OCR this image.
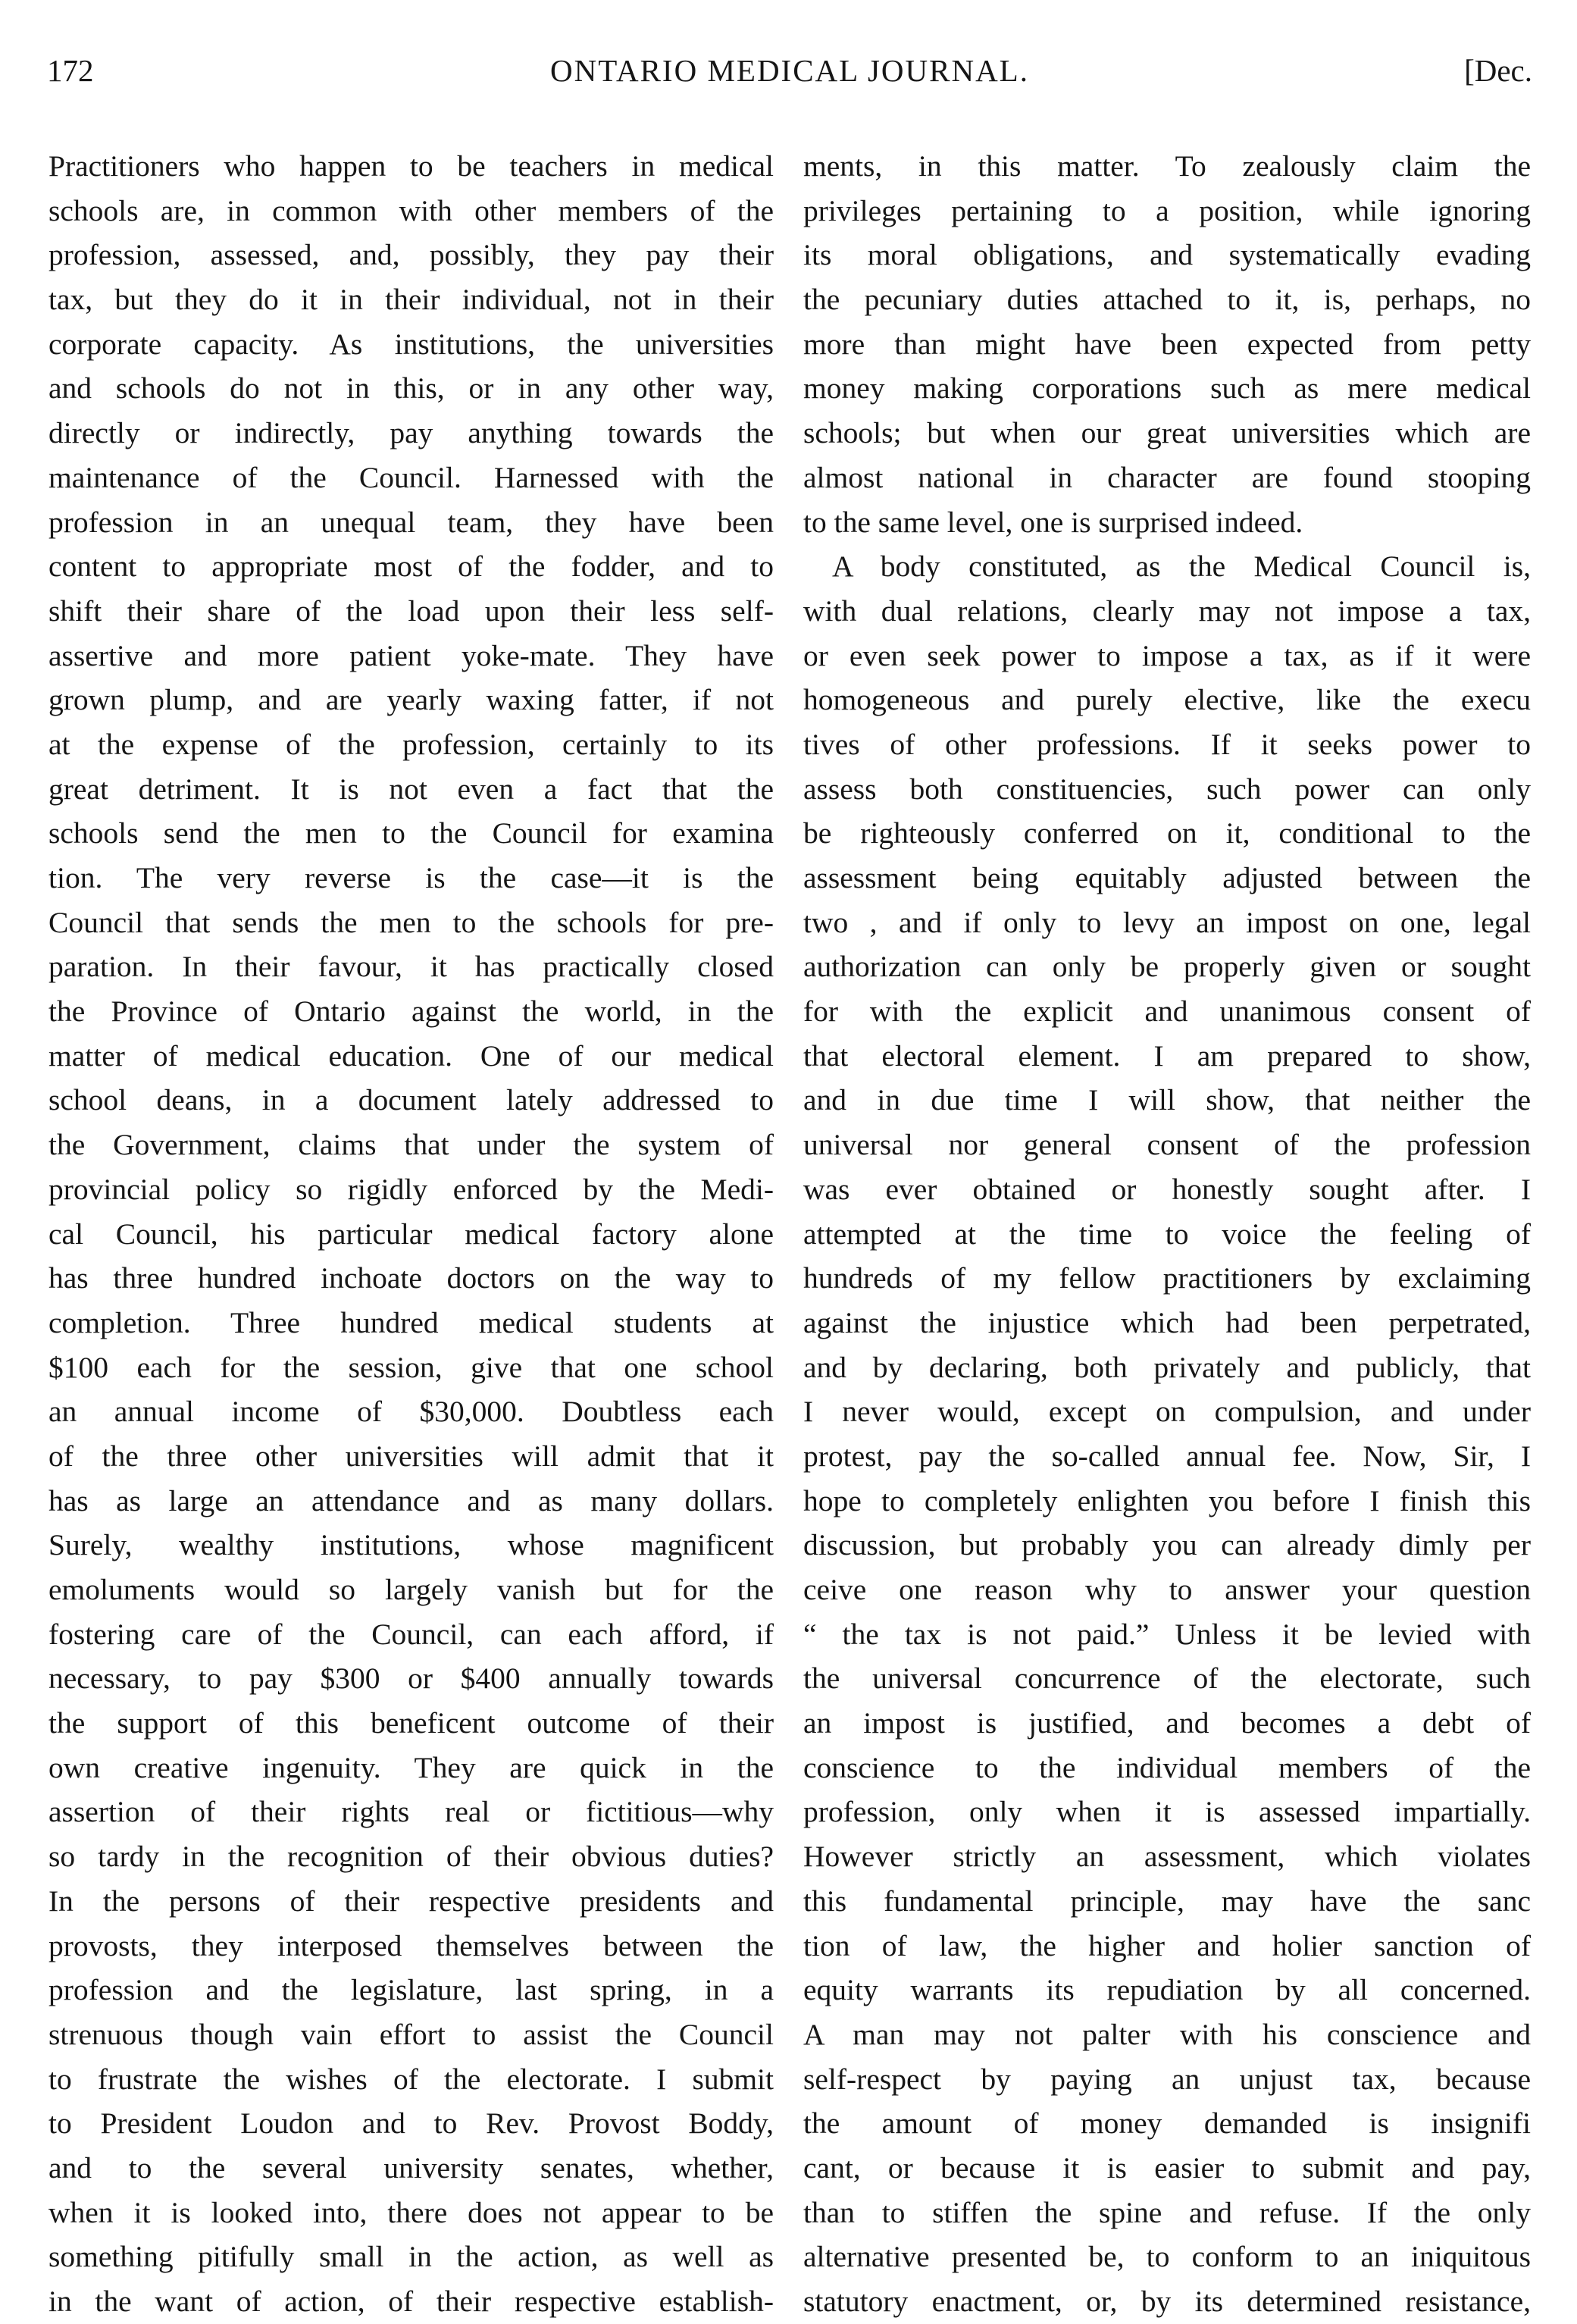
172	ONTARIO MEDICAL JOURNAL.	[Dec.
Practitioners who happen to be teachers in medical
schools are, in common with other members of the
profession, assessed, and, possibly, they pay their
tax, but they do it in their individual, not in their
corporate capacity. As institutions, the universities
and schools do not in this, or in any other way,
directly or indirectly, pay anything towards the
maintenance of the Council. Harnessed with the
profession in an unequal team, they have been
content to appropriate most of the fodder, and to
shift their share of the load upon their less self-
assertive and more patient yoke-mate. They have
grown plump, and are yearly waxing fatter, if not
at the expense of the profession, certainly to its
great detriment. It is not even a fact that the
schools send the men to the Council for examina
tion. The very reverse is the case—it is the
Council that sends the men to the schools for pre-
paration. In their favour, it has practically closed
the Province of Ontario against the world, in the
matter of medical education. One of our medical
school deans, in a document lately addressed to
the Government, claims that under the system of
provincial policy so rigidly enforced by the Medi-
cal Council, his particular medical factory alone
has three hundred inchoate doctors on the way to
completion. Three hundred medical students at
$100 each for the session, give that one school
an annual income of $30,000. Doubtless each
of the three other universities will admit that it
has as large an attendance and as many dollars.
Surely, wealthy institutions, whose magnificent
emoluments would so largely vanish but for the
fostering care of the Council, can each afford, if
necessary, to pay $300 or $400 annually towards
the support of this beneficent outcome of their
own creative ingenuity. They are quick in the
assertion of their rights real or fictitious—why
so tardy in the recognition of their obvious duties?
In the persons of their respective presidents and
provosts, they interposed themselves between the
profession and the legislature, last spring, in a
strenuous though vain effort to assist the Council
to frustrate the wishes of the electorate. I submit
to President Loudon and to Rev. Provost Boddy,
and to the several university senates, whether,
when it is looked into, there does not appear to be
something pitifully small in the action, as well as
in the want of action, of their respective establish-
ments, in this matter. To zealously claim the
privileges pertaining to a position, while ignoring
its moral obligations, and systematically evading
the pecuniary duties attached to it, is, perhaps, no
more than might have been expected from petty
money making corporations such as mere medical
schools; but when our great universities which are
almost national in character are found stooping
to the same level, one is surprised indeed.
A body constituted, as the Medical Council is,
with dual relations, clearly may not impose a tax,
or even seek power to impose a tax, as if it were
homogeneous and purely elective, like the execu
tives of other professions. If it seeks power to
assess both constituencies, such power can only
be righteously conferred on it, conditional to the
assessment being equitably adjusted between the
two , and if only to levy an impost on one, legal
authorization can only be properly given or sought
for with the explicit and unanimous consent of
that electoral element. I am prepared to show,
and in due time I will show, that neither the
universal nor general consent of the profession
was ever obtained or honestly sought after. I
attempted at the time to voice the feeling of
hundreds of my fellow practitioners by exclaiming
against the injustice which had been perpetrated,
and by declaring, both privately and publicly, that
I never would, except on compulsion, and under
protest, pay the so-called annual fee. Now, Sir, I
hope to completely enlighten you before I finish this
discussion, but probably you can already dimly per
ceive one reason why to answer your question
“ the tax is not paid.” Unless it be levied with
the universal concurrence of the electorate, such
an impost is justified, and becomes a debt of
conscience to the individual members of the
profession, only when it is assessed impartially.
However strictly an assessment, which violates
this fundamental principle, may have the sanc
tion of law, the higher and holier sanction of
equity warrants its repudiation by all concerned.
A man may not palter with his conscience and
self-respect by paying an unjust tax, because
the amount of money demanded is insignifi
cant, or because it is easier to submit and pay,
than to stiffen the spine and refuse. If the only
alternative presented be, to conform to an iniquitous
statutory enactment, or, by its determined resistance,
